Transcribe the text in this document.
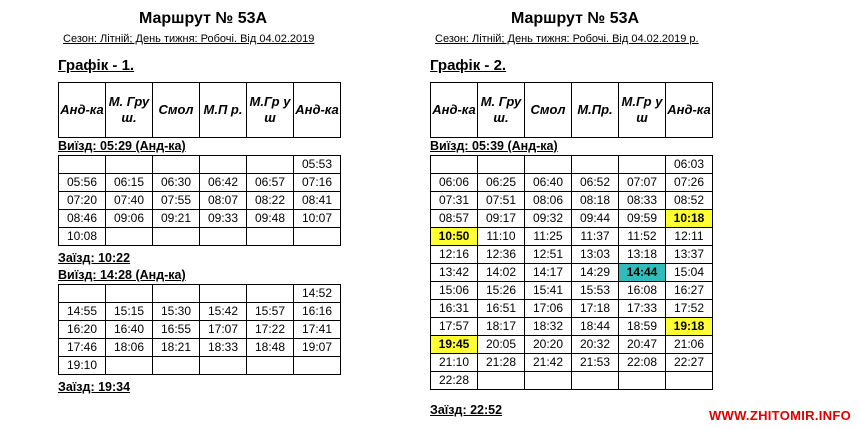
Маршрут № 53А
Сезон: Літній; День тижня: Робочі. Від 04.02.2019
Графік - 1.
Анд-ка	М. Груш.	Смол	М.П р.	М.Гр уш	Анд-ка
Виїзд: 05:29 (Анд-ка)
					05:53
05:56	06:15	06:30	06:42	06:57	07:16
07:20	07:40	07:55	08:07	08:22	08:41
08:46	09:06	09:21	09:33	09:48	10:07
10:08					
Заїзд: 10:22
Виїзд: 14:28 (Анд-ка)
					14:52
14:55	15:15	15:30	15:42	15:57	16:16
16:20	16:40	16:55	17:07	17:22	17:41
17:46	18:06	18:21	18:33	18:48	19:07
19:10					
Заїзд: 19:34
Маршрут № 53А
Сезон: Літній; День тижня: Робочі. Від 04.02.2019 р.
Графік - 2.
Анд-ка	М. Груш.	Смол	М.Пр.	М.Гр уш	Анд-ка
Виїзд: 05:39 (Анд-ка)
					06:03
06:06	06:25	06:40	06:52	07:07	07:26
07:31	07:51	08:06	08:18	08:33	08:52
08:57	09:17	09:32	09:44	09:59	10:18
10:50	11:10	11:25	11:37	11:52	12:11
12:16	12:36	12:51	13:03	13:18	13:37
13:42	14:02	14:17	14:29	14:44	15:04
15:06	15:26	15:41	15:53	16:08	16:27
16:31	16:51	17:06	17:18	17:33	17:52
17:57	18:17	18:32	18:44	18:59	19:18
19:45	20:05	20:20	20:32	20:47	21:06
21:10	21:28	21:42	21:53	22:08	22:27
22:28					
Заїзд: 22:52	WWW.ZHITOMIR.INFO
